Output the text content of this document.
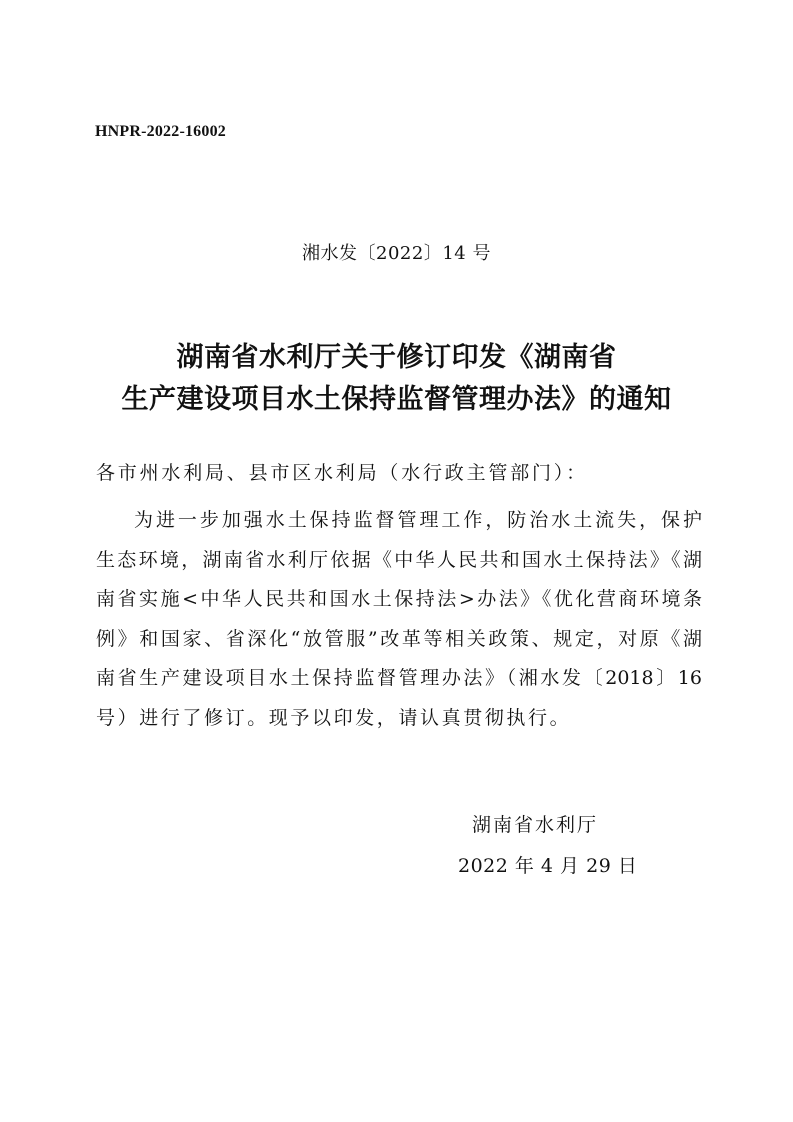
HNPR-2022-16002
湘水发〔2022〕14 号
湖南省水利厅关于修订印发《湖南省
生产建设项目水土保持监督管理办法》的通知
各市州水利局、县市区水利局（水行政主管部门）：
为进一步加强水土保持监督管理工作，防治水土流失，保护
生态环境，湖南省水利厅依据《中华人民共和国水土保持法》《湖
南省实施<中华人民共和国水土保持法>办法》《优化营商环境条
例》和国家、省深化“放管服”改革等相关政策、规定，对原《湖
南省生产建设项目水土保持监督管理办法》（湘水发〔2018〕16
号）进行了修订。现予以印发，请认真贯彻执行。
湖南省水利厅
2022 年 4 月 29 日
